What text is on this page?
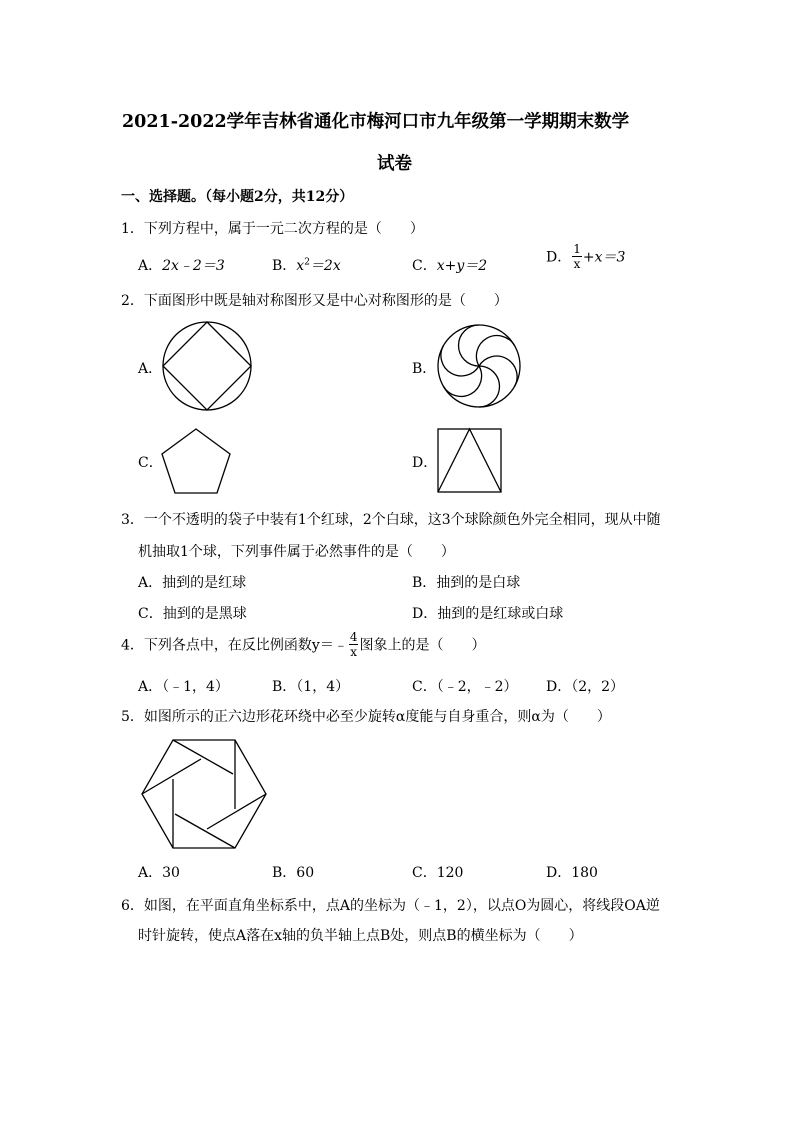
2021-2022学年吉林省通化市梅河口市九年级第一学期期末数学
试卷
一、选择题。（每小题2分，共12分）
1．下列方程中，属于一元二次方程的是（　　）
A．2x﹣2＝3	B．$x^2=2x$	C．x+y＝2
D． $\frac{1}{x} +x=3$
2．下面图形中既是轴对称图形又是中心对称图形的是（　　）
A．	B．
C．	D．
3．一个不透明的袋子中装有1个红球，2个白球，这3个球除颜色外完全相同，现从中随
机抽取1个球，下列事件属于必然事件的是（　　）
A．抽到的是红球	B．抽到的是白球
C．抽到的是黑球	D．抽到的是红球或白球
4．下列各点中，在反比例函数y＝﹣ $\frac{4}{x}$ 图象上的是（　　）
A．（﹣1，4）	B．（1，4）	C．（﹣2，﹣2） D．（2，2）
5．如图所示的正六边形花环绕中必至少旋转α度能与自身重合，则α为（　　）
A．30	B．60	C．120	D．180
6．如图，在平面直角坐标系中，点A的坐标为（﹣1，2），以点O为圆心，将线段OA逆
时针旋转，使点A落在x轴的负半轴上点B处，则点B的横坐标为（　　）
